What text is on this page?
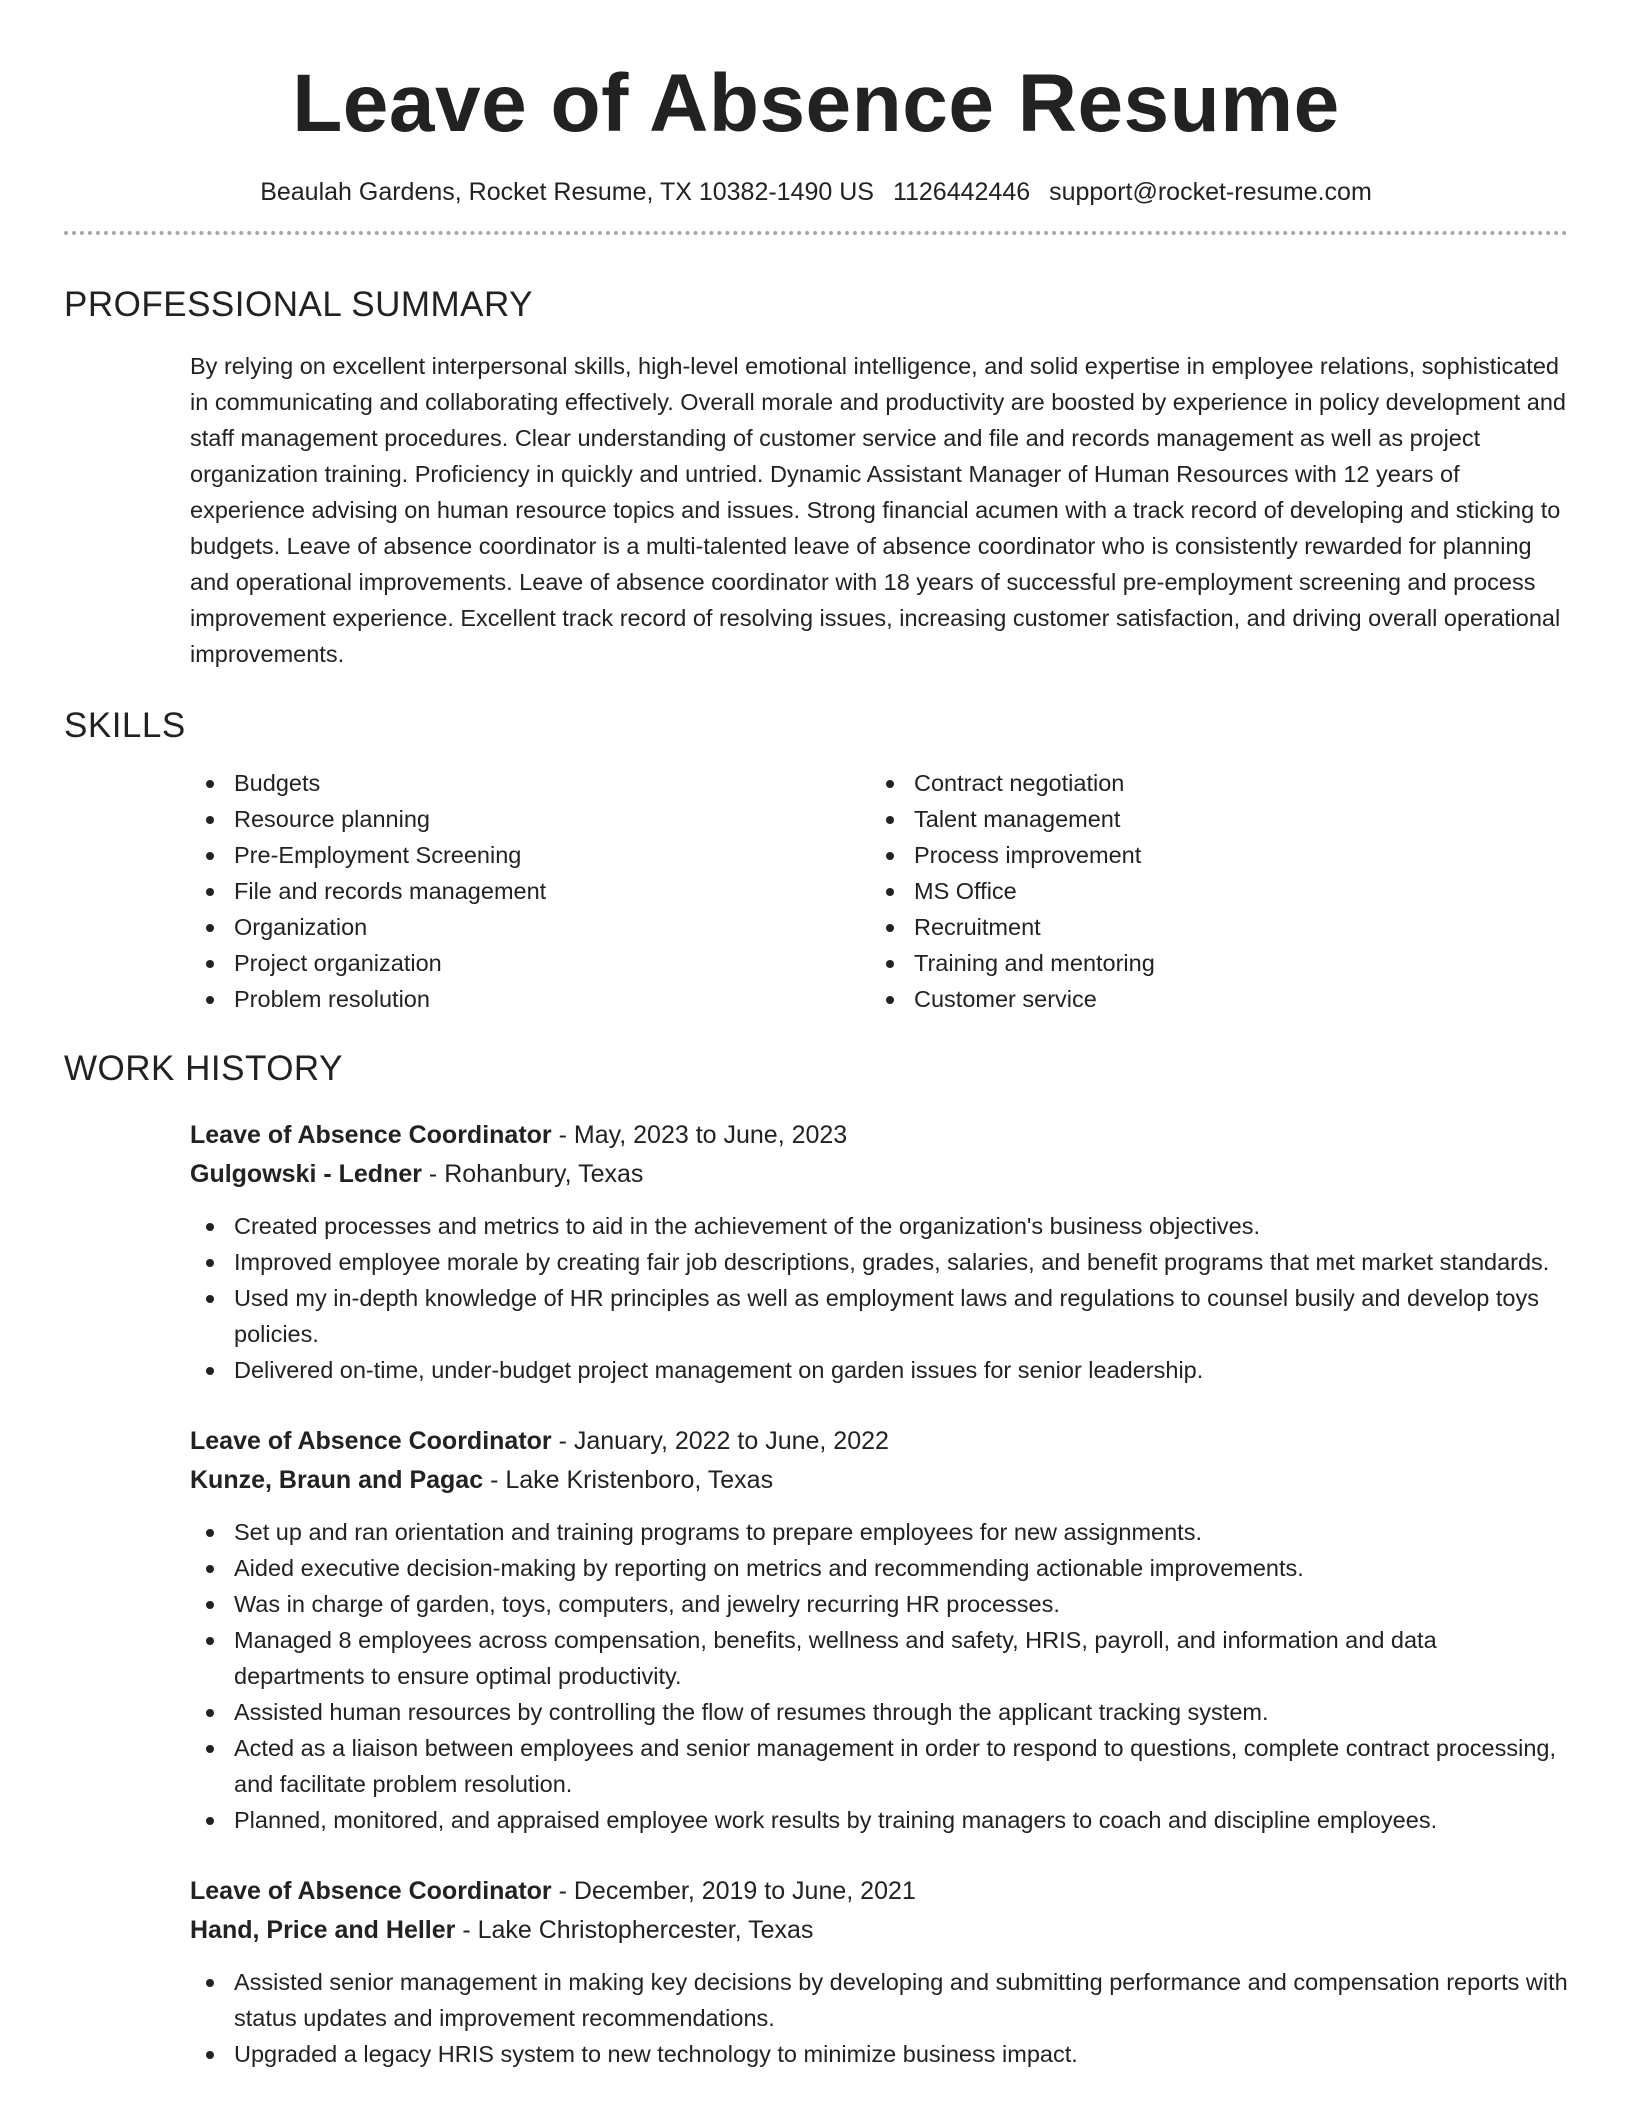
Leave of Absence Resume
Beaulah Gardens, Rocket Resume, TX 10382-1490 US 1126442446 support@rocket-resume.com
PROFESSIONAL SUMMARY

By relying on excellent interpersonal skills, high-level emotional intelligence, and solid expertise in employee relations, sophisticated in communicating and collaborating effectively. Overall morale and productivity are boosted by experience in policy development and staff management procedures. Clear understanding of customer service and file and records management as well as project organization training. Proficiency in quickly and untried. Dynamic Assistant Manager of Human Resources with 12 years of experience advising on human resource topics and issues. Strong financial acumen with a track record of developing and sticking to budgets. Leave of absence coordinator is a multi-talented leave of absence coordinator who is consistently rewarded for planning and operational improvements. Leave of absence coordinator with 18 years of successful pre-employment screening and process improvement experience. Excellent track record of resolving issues, increasing customer satisfaction, and driving overall operational improvements.

SKILLS
Budgets
Resource planning
Pre-Employment Screening
File and records management
Organization
Project organization
Problem resolution
Contract negotiation
Talent management
Process improvement
MS Office
Recruitment
Training and mentoring
Customer service
WORK HISTORY
Leave of Absence Coordinator - May, 2023 to June, 2023
Gulgowski - Ledner - Rohanbury, Texas
Created processes and metrics to aid in the achievement of the organization's business objectives.
Improved employee morale by creating fair job descriptions, grades, salaries, and benefit programs that met market standards.
Used my in-depth knowledge of HR principles as well as employment laws and regulations to counsel busily and develop toys policies.
Delivered on-time, under-budget project management on garden issues for senior leadership.
Leave of Absence Coordinator - January, 2022 to June, 2022
Kunze, Braun and Pagac - Lake Kristenboro, Texas
Set up and ran orientation and training programs to prepare employees for new assignments.
Aided executive decision-making by reporting on metrics and recommending actionable improvements.
Was in charge of garden, toys, computers, and jewelry recurring HR processes.
Managed 8 employees across compensation, benefits, wellness and safety, HRIS, payroll, and information and data departments to ensure optimal productivity.
Assisted human resources by controlling the flow of resumes through the applicant tracking system.
Acted as a liaison between employees and senior management in order to respond to questions, complete contract processing, and facilitate problem resolution.
Planned, monitored, and appraised employee work results by training managers to coach and discipline employees.
Leave of Absence Coordinator - December, 2019 to June, 2021
Hand, Price and Heller - Lake Christophercester, Texas
Assisted senior management in making key decisions by developing and submitting performance and compensation reports with status updates and improvement recommendations.
Upgraded a legacy HRIS system to new technology to minimize business impact.
